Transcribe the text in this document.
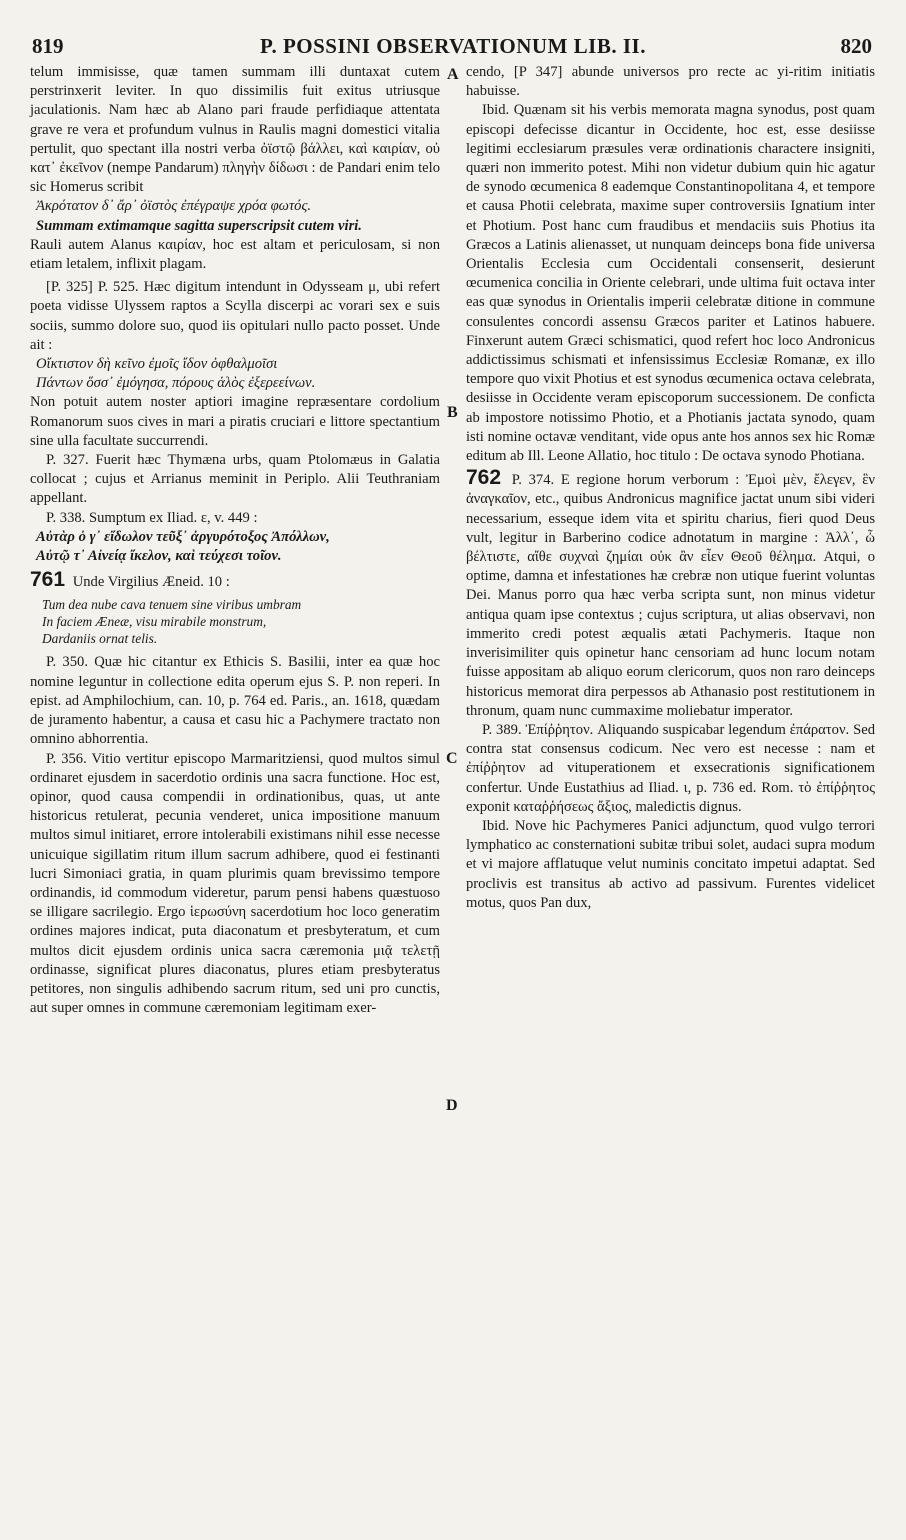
819	P. POSSINI OBSERVATIONUM LIB. II.	820
A
B
C
D

telum immisisse, quæ tamen summam illi duntaxat cutem perstrinxerit leviter. In quo dissimilis fuit exitus utriusque jaculationis. Nam hæc ab Alano pari fraude perfidiaque attentata grave re vera et profundum vulnus in Raulis magni domestici vitalia pertulit, quo spectant illa nostri verba ὀϊστῷ βάλλει, καὶ καιρίαν, οὐ κατ᾽ ἐκεῖνον (nempe Pandarum) πληγὴν δίδωσι : de Pandari enim telo sic Homerus scribit

Ἀκρότατον δ᾽ ἄρ᾽ ὀϊστὸς ἐπέγραψε χρόα φωτός.

Summam extimamque sagitta superscripsit cutem viri.

Rauli autem Alanus καιρίαν, hoc est altam et periculosam, si non etiam letalem, inflixit plagam.

[P. 325] P. 525. Hæc digitum intendunt in Odysseam μ, ubi refert poeta vidisse Ulyssem raptos a Scylla discerpi ac vorari sex e suis sociis, summo dolore suo, quod iis opitulari nullo pacto posset. Unde ait :

Οἴκτιστον δὴ κεῖνο ἐμοῖς ἴδον ὀφθαλμοῖσι

Πάντων ὅσσ᾽ ἐμόγησα, πόρους ἁλὸς ἐξερεείνων.

Non potuit autem noster aptiori imagine repræsentare cordolium Romanorum suos cives in mari a piratis cruciari e littore spectantium sine ulla facultate succurrendi.

P. 327. Fuerit hæc Thymæna urbs, quam Ptolomæus in Galatia collocat ; cujus et Arrianus meminit in Periplo. Alii Teuthraniam appellant.

P. 338. Sumptum ex Iliad. ε, v. 449 :

Αὐτὰρ ὁ γ᾽ εἴδωλον τεῦξ᾽ ἀργυρότοξος Ἀπόλλων,

Αὐτῷ τ᾽ Αἰνείᾳ ἴκελον, καὶ τεύχεσι τοῖον.

761 Unde Virgilius Æneid. 10 :

Tum dea nube cava tenuem sine viribus umbram
In faciem Æneæ, visu mirabile monstrum,
Dardaniis ornat telis.

P. 350. Quæ hic citantur ex Ethicis S. Basilii, inter ea quæ hoc nomine leguntur in collectione edita operum ejus S. P. non reperi. In epist. ad Amphilochium, can. 10, p. 764 ed. Paris., an. 1618, quædam de juramento habentur, a causa et casu hic a Pachymere tractato non omnino abhorrentia.

P. 356. Vitio vertitur episcopo Marmaritziensi, quod multos simul ordinaret ejusdem in sacerdotio ordinis una sacra functione. Hoc est, opinor, quod causa compendii in ordinationibus, quas, ut ante historicus retulerat, pecunia venderet, unica impositione manuum multos simul initiaret, errore intolerabili existimans nihil esse necesse unicuique sigillatim ritum illum sacrum adhibere, quod ei festinanti lucri Simoniaci gratia, in quam plurimis quam brevissimo tempore ordinandis, id commodum videretur, parum pensi habens quæstuoso se illigare sacrilegio. Ergo ἱερωσύνη sacerdotium hoc loco generatim ordines majores indicat, puta diaconatum et presbyteratum, et cum multos dicit ejusdem ordinis unica sacra cæremonia μιᾷ τελετῇ ordinasse, significat plures diaconatus, plures etiam presbyteratus petitores, non singulis adhibendo sacrum ritum, sed uni pro cunctis, aut super omnes in commune cæremoniam legitimam exer-

cendo, [P 347] abunde universos pro recte ac yi-ritim initiatis habuisse.

Ibid. Quænam sit his verbis memorata magna synodus, post quam episcopi defecisse dicantur in Occidente, hoc est, esse desiisse legitimi ecclesiarum præsules veræ ordinationis charactere insigniti, quæri non immerito potest. Mihi non videtur dubium quin hic agatur de synodo œcumenica 8 eademque Constantinopolitana 4, et tempore et causa Photii celebrata, maxime super controversiis Ignatium inter et Photium. Post hanc cum fraudibus et mendaciis suis Photius ita Græcos a Latinis alienasset, ut nunquam deinceps bona fide universa Orientalis Ecclesia cum Occidentali consenserit, desierunt œcumenica concilia in Oriente celebrari, unde ultima fuit octava inter eas quæ synodus in Orientalis imperii celebratæ ditione in commune consulentes concordi assensu Græcos pariter et Latinos habuere. Finxerunt autem Græci schismatici, quod refert hoc loco Andronicus addictissimus schismati et infensissimus Ecclesiæ Romanæ, ex illo tempore quo vixit Photius et est synodus œcumenica octava celebrata, desiisse in Occidente veram episcoporum successionem. De conficta ab impostore notissimo Photio, et a Photianis jactata synodo, quam isti nomine octavæ venditant, vide opus ante hos annos sex hic Romæ editum ab Ill. Leone Allatio, hoc titulo : De octava synodo Photiana.

762 P. 374. E regione horum verborum : Ἐμοὶ μὲν, ἔλεγεν, ἓν ἀναγκαῖον, etc., quibus Andronicus magnifice jactat unum sibi videri necessarium, esseque idem vita et spiritu charius, fieri quod Deus vult, legitur in Barberino codice adnotatum in margine : Ἀλλ᾽, ὦ βέλτιστε, αἴθε συχναὶ ζημίαι οὐκ ἂν εἶεν Θεοῦ θέλημα. Atqui, o optime, damna et infestationes hæ crebræ non utique fuerint voluntas Dei. Manus porro qua hæc verba scripta sunt, non minus videtur antiqua quam ipse contextus ; cujus scriptura, ut alias observavi, non immerito credi potest æqualis ætati Pachymeris. Itaque non inverisimiliter quis opinetur hanc censoriam ad hunc locum notam fuisse appositam ab aliquo eorum clericorum, quos non raro deinceps historicus memorat dira perpessos ab Athanasio post restitutionem in thronum, quam nunc cummaxime moliebatur imperator.

P. 389. Ἐπίῤῥητον. Aliquando suspicabar legendum ἐπάρατον. Sed contra stat consensus codicum. Nec vero est necesse : nam et ἐπίῤῥητον ad vituperationem et exsecrationis significationem confertur. Unde Eustathius ad Iliad. ι, p. 736 ed. Rom. τὸ ἐπίῤῥητος exponit καταῤῥήσεως ἄξιος, maledictis dignus.

Ibid. Nove hic Pachymeres Panici adjunctum, quod vulgo terrori lymphatico ac consternationi subitæ tribui solet, audaci supra modum et vi majore afflatuque velut numinis concitato impetui adaptat. Sed proclivis est transitus ab activo ad passivum. Furentes videlicet motus, quos Pan dux,
